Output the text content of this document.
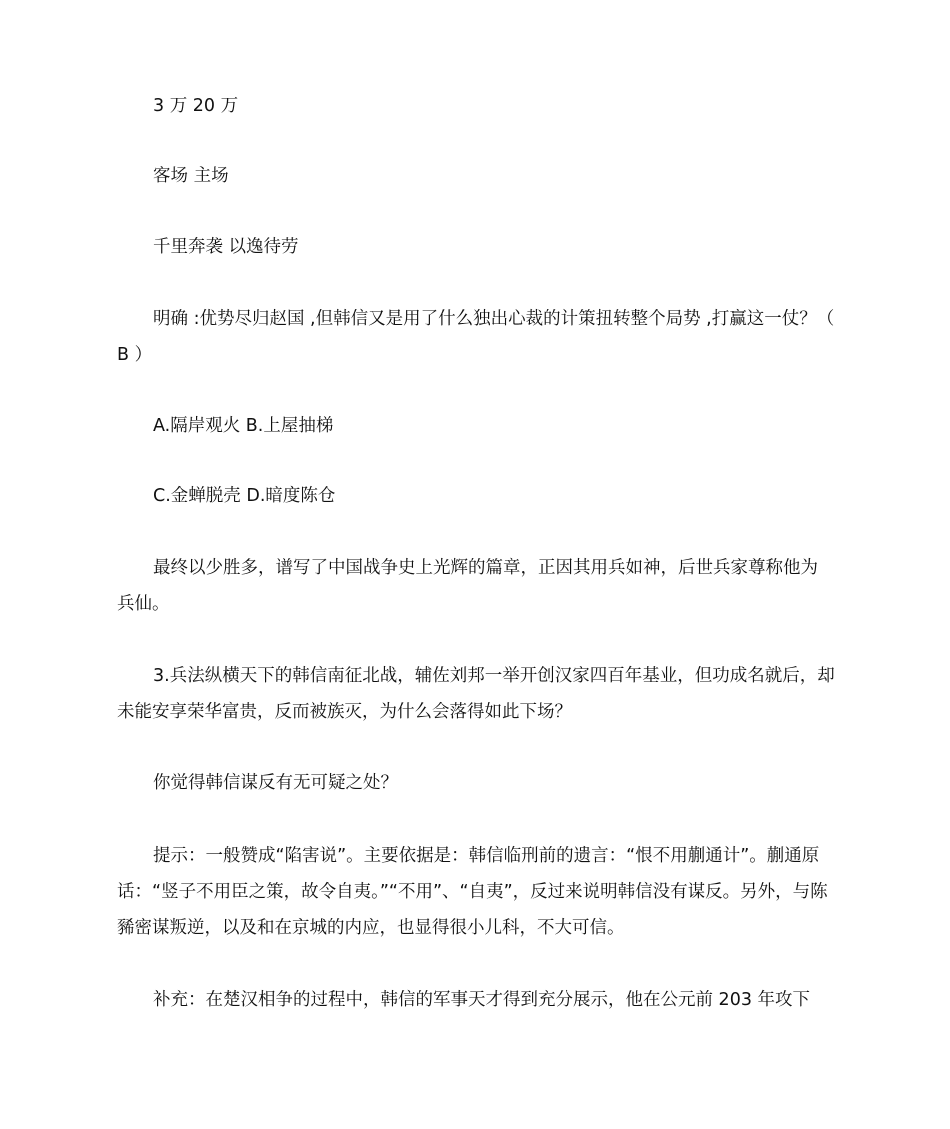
3 万 20 万

客场 主场

千里奔袭 以逸待劳

明确 :优势尽归赵国 ,但韩信又是用了什么独出心裁的计策扭转整个局势 ,打赢这一仗？（ B ）

A.隔岸观火 B.上屋抽梯

C.金蝉脱壳 D.暗度陈仓

最终以少胜多，谱写了中国战争史上光辉的篇章，正因其用兵如神，后世兵家尊称他为兵仙。

3.兵法纵横天下的韩信南征北战，辅佐刘邦一举开创汉家四百年基业，但功成名就后，却未能安享荣华富贵，反而被族灭，为什么会落得如此下场？

你觉得韩信谋反有无可疑之处？

提示：一般赞成“陷害说”。主要依据是：韩信临刑前的遗言：“恨不用蒯通计”。蒯通原话：“竖子不用臣之策，故令自夷。”“不用”、“自夷”，反过来说明韩信没有谋反。另外，与陈豨密谋叛逆，以及和在京城的内应，也显得很小儿科，不大可信。

补充：在楚汉相争的过程中，韩信的军事天才得到充分展示，他在公元前 203 年攻下
